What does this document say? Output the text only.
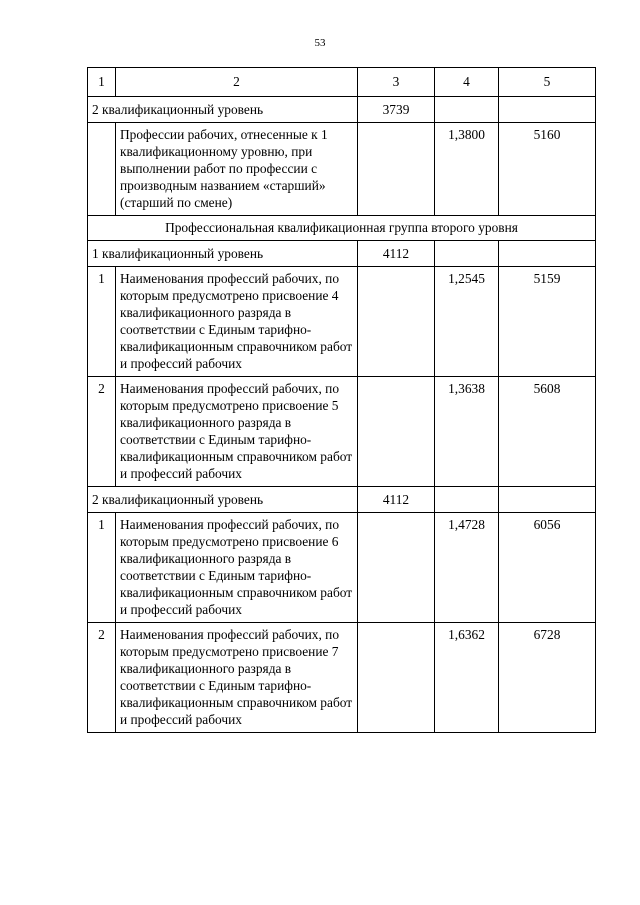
53
1	2	3	4	5
2 квалификационный уровень		3739		
	Профессии рабочих, отнесенные к 1 квалификационному уровню, при выполнении работ по профессии с производным названием «старший» (старший по смене)		1,3800	5160
Профессиональная квалификационная группа второго уровня				
1 квалификационный уровень		4112		
1	Наименования профессий рабочих, по которым предусмотрено присвоение 4 квалификационного разряда в соответствии с Единым тарифно-квалификационным справочником работ и профессий рабочих		1,2545	5159
2	Наименования профессий рабочих, по которым предусмотрено присвоение 5 квалификационного разряда в соответствии с Единым тарифно-квалификационным справочником работ и профессий рабочих		1,3638	5608
2 квалификационный уровень		4112		
1	Наименования профессий рабочих, по которым предусмотрено присвоение 6 квалификационного разряда в соответствии с Единым тарифно-квалификационным справочником работ и профессий рабочих		1,4728	6056
2	Наименования профессий рабочих, по которым предусмотрено присвоение 7 квалификационного разряда в соответствии с Единым тарифно-квалификационным справочником работ и профессий рабочих		1,6362	6728
